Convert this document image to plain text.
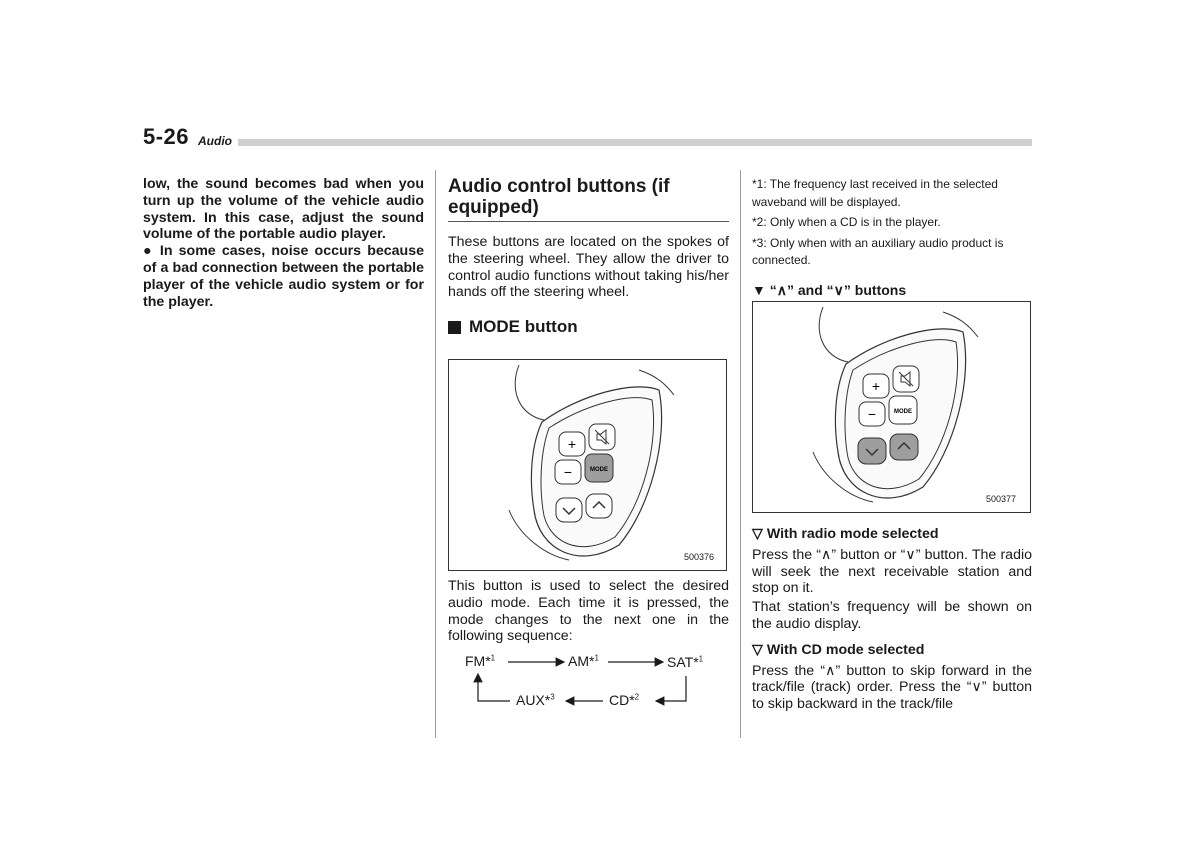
5-26 Audio

low, the sound becomes bad when you turn up the volume of the vehicle audio system. In this case, adjust the sound volume of the portable audio player.

● In some cases, noise occurs because of a bad connection between the portable player of the vehicle audio system or for the player.

Audio control buttons (if equipped)

These buttons are located on the spokes of the steering wheel. They allow the driver to control audio functions without taking his/her hands off the steering wheel.

MODE button
+
−	MODE
500376

This button is used to select the desired audio mode. Each time it is pressed, the mode changes to the next one in the following sequence:

FM*$^1$	AM*$^1$	SAT*$^1$
AUX*$^3$	CD*$^2$

*1: The frequency last received in the selected waveband will be displayed.

*2: Only when a CD is in the player.

*3: Only when with an auxiliary audio product is connected.

▼ “∧” and “∨” buttons
+
−	MODE
500377
▽ With radio mode selected

Press the “∧” button or “∨” button. The radio will seek the next receivable station and stop on it.

That station’s frequency will be shown on the audio display.

▽ With CD mode selected

Press the “∧” button to skip forward in the track/file (track) order. Press the “∨” button to skip backward in the track/file
